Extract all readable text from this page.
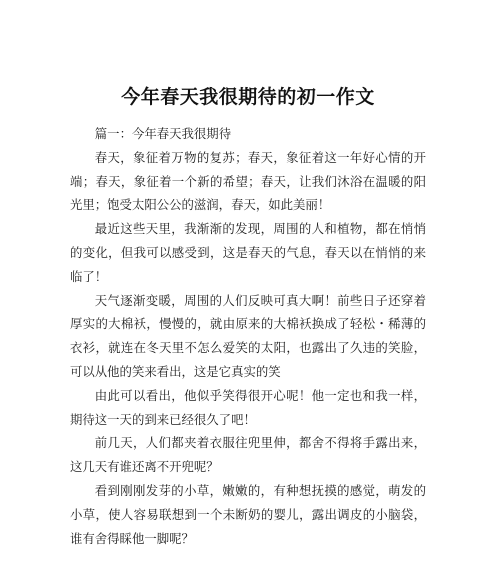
今年春天我很期待的初一作文

篇一：今年春天我很期待

春天，象征着万物的复苏；春天，象征着这一年好心情的开端；春天，象征着一个新的希望；春天，让我们沐浴在温暖的阳光里；饱受太阳公公的滋润，春天，如此美丽！

最近这些天里，我渐渐的发现，周围的人和植物，都在悄悄的变化，但我可以感受到，这是春天的气息，春天以在悄悄的来临了！

天气逐渐变暖，周围的人们反映可真大啊！前些日子还穿着厚实的大棉袄，慢慢的，就由原来的大棉袄换成了轻松・稀薄的衣衫，就连在冬天里不怎么爱笑的太阳，也露出了久违的笑脸，可以从他的笑来看出，这是它真实的笑

由此可以看出，他似乎笑得很开心呢！他一定也和我一样，期待这一天的到来已经很久了吧！

前几天，人们都夹着衣服往兜里伸，都舍不得将手露出来，这几天有谁还离不开兜呢？

看到刚刚发芽的小草，嫩嫩的，有种想抚摸的感觉，萌发的小草，使人容易联想到一个未断奶的婴儿，露出调皮的小脑袋，谁有舍得睬他一脚呢？
